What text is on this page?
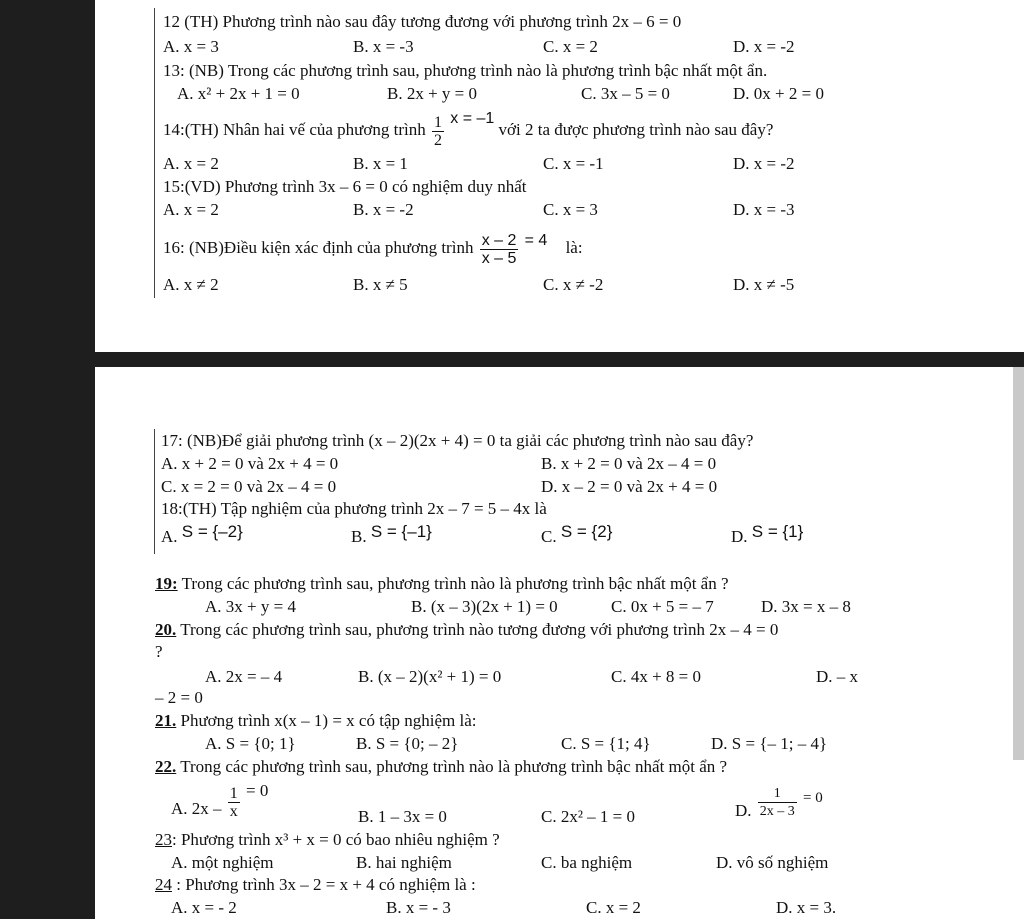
12 (TH) Phương trình nào sau đây tương đương với phương trình 2x – 6 = 0
A. x = 3	B. x = -3	C. x = 2	D. x = -2
13: (NB) Trong các phương trình sau, phương trình nào là phương trình bậc nhất một ẩn.
A. x² + 2x + 1 = 0	B. 2x + y = 0	C. 3x – 5 = 0	D. 0x + 2 = 0
14:(TH) Nhân hai vế của phương trình $\frac{1}{2}$ x = –1 với 2 ta được phương trình nào sau đây?
A. x = 2	B. x = 1	C. x = -1	D. x = -2
15:(VD) Phương trình 3x – 6 = 0 có nghiệm duy nhất
A. x = 2	B. x = -2	C. x = 3	D. x = -3
16: (NB)Điều kiện xác định của phương trình $\frac{x - 2}{x - 5} = 4$ là:
A. x ≠ 2	B. x ≠ 5	C. x ≠ -2	D. x ≠ -5
17: (NB)Để giải phương trình (x – 2)(2x + 4) = 0 ta giải các phương trình nào sau đây?
A. x + 2 = 0 và 2x + 4 = 0	B. x + 2 = 0 và 2x – 4 = 0
C. x = 2 = 0 và 2x – 4 = 0	D. x – 2 = 0 và 2x + 4 = 0
18:(TH) Tập nghiệm của phương trình 2x – 7 = 5 – 4x là
A. S = {–2}	B. S = {–1}	C. S = {2}	D. S = {1}
19: Trong các phương trình sau, phương trình nào là phương trình bậc nhất một ẩn ?
A. 3x + y = 4	B. (x – 3)(2x + 1) = 0	C. 0x + 5 = – 7	D. 3x = x – 8
20. Trong các phương trình sau, phương trình nào tương đương với phương trình 2x – 4 = 0
?
A. 2x = – 4	B. (x – 2)(x² + 1) = 0	C. 4x + 8 = 0	D. – x
– 2 = 0
21. Phương trình x(x – 1) = x có tập nghiệm là:
A. S = {0; 1}	B. S = {0; – 2}	C. S = {1; 4}	D. S = {– 1; – 4}
22. Trong các phương trình sau, phương trình nào là phương trình bậc nhất một ẩn ?
A. $2x - \frac{1}{x} = 0$
B. 1 – 3x = 0	C. 2x² – 1 = 0	D. $\frac{1}{2x - 3} = 0$
23: Phương trình x³ + x = 0 có bao nhiêu nghiệm ?
A. một nghiệm	B. hai nghiệm	C. ba nghiệm	D. vô số nghiệm
24 : Phương trình 3x – 2 = x + 4 có nghiệm là :
A. x = - 2	B. x = - 3	C. x = 2	D. x = 3.
